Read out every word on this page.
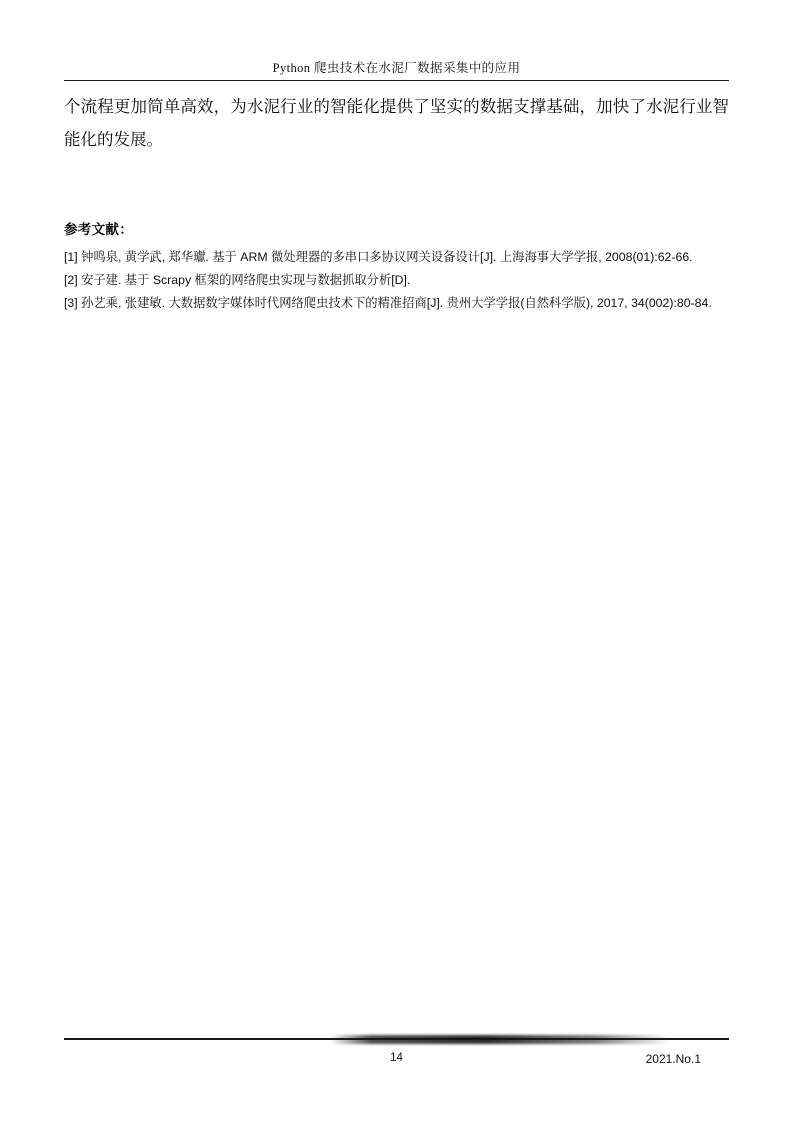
Python 爬虫技术在水泥厂数据采集中的应用

个流程更加简单高效，为水泥行业的智能化提供了坚实的数据支撑基础，加快了水泥行业智能化的发展。

参考文献：

[1] 钟鸣泉, 黄学武, 郑华瓛. 基于 ARM 微处理器的多串口多协议网关设备设计[J]. 上海海事大学学报, 2008(01):62-66.

[2] 安子建. 基于 Scrapy 框架的网络爬虫实现与数据抓取分析[D].

[3] 孙艺乘, 张建敏. 大数据数字媒体时代网络爬虫技术下的精准招商[J]. 贵州大学学报(自然科学版), 2017, 34(002):80-84.

14	2021.No.1
